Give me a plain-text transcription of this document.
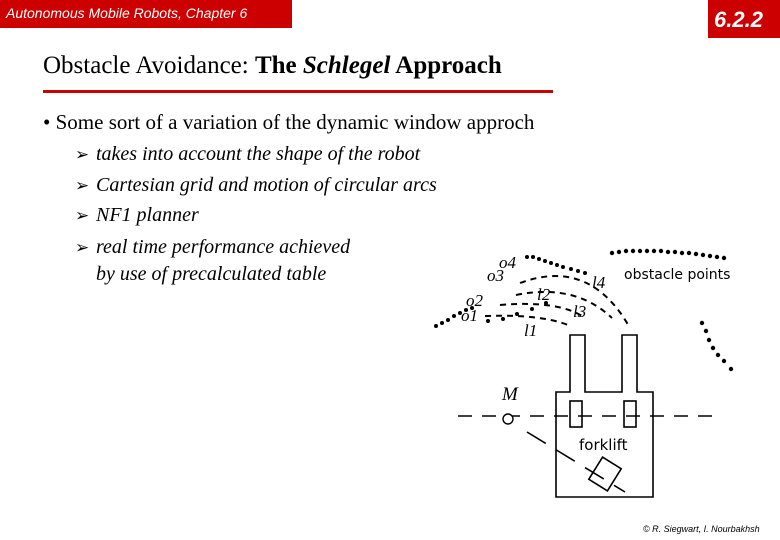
Autonomous Mobile Robots, Chapter 6	6.2.2
Obstacle Avoidance: The Schlegel Approach
• Some sort of a variation of the dynamic window approch
➢ takes into account the shape of the robot
➢ Cartesian grid and motion of circular arcs
➢ NF1 planner
➢ real time performance achieved
by use of precalculated table
o4
o3
o2
o1
l4
l2
l3
l1
M
obstacle points
forklift
© R. Siegwart, I. Nourbakhsh
